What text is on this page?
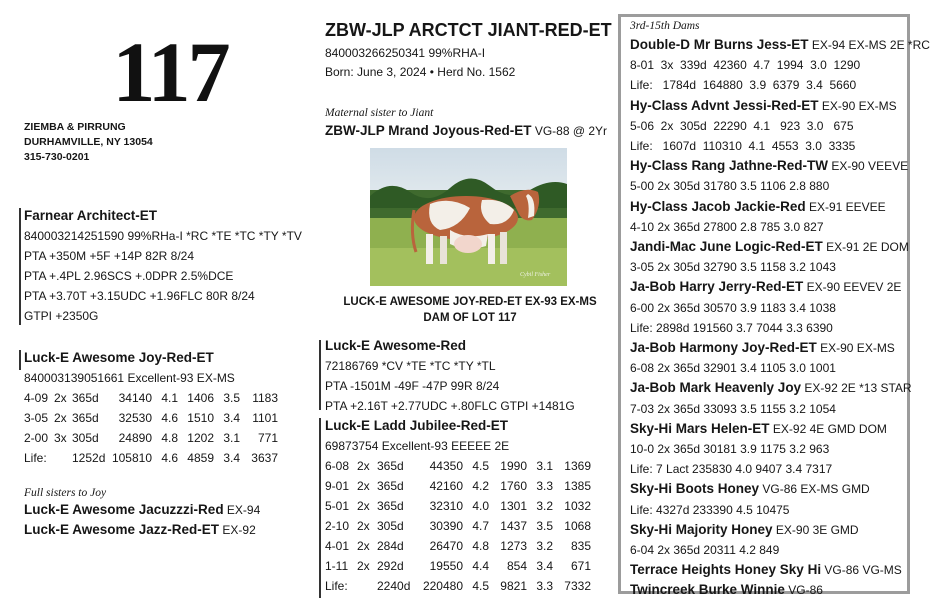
117
ZIEMBA & PIRRUNG
DURHAMVILLE, NY 13054
315-730-0201
Farnear Architect-ET
840003214251590 99%RHa-I *RC *TE *TC *TY *TV
PTA +350M +5F +14P 82R 8/24
PTA +.4PL 2.96SCS +.0DPR 2.5%DCE
PTA +3.70T +3.15UDC +1.96FLC 80R 8/24
GTPI +2350G
Luck-E Awesome Joy-Red-ET
840003139051661 Excellent-93 EX-MS
4-09 2x 365d	34140 4.1 1406 3.5	1183
3-05 2x 365d	32530 4.6 1510 3.4	1101
2-00 3x 305d	24890 4.8 1202 3.1	771
Life:	1252d 105810 4.6 4859 3.4 3637
Full sisters to Joy
Luck-E Awesome Jacuzzzi-Red EX-94
Luck-E Awesome Jazz-Red-ET EX-92
ZBW-JLP ARCTCT JIANT-RED-ET
840003266250341 99%RHA-I
Born: June 3, 2024 • Herd No. 1562
Maternal sister to Jiant
ZBW-JLP Mrand Joyous-Red-ET VG-88 @ 2Yr
Cybil Fisher
LUCK-E AWESOME JOY-RED-ET EX-93 EX-MS
DAM OF LOT 117
Luck-E Awesome-Red
72186769 *CV *TE *TC *TY *TL
PTA -1501M -49F -47P 99R 8/24
PTA +2.16T +2.77UDC +.80FLC GTPI +1481G
Luck-E Ladd Jubilee-Red-ET
69873754 Excellent-93 EEEEE 2E
6-08 2x 365d	44350 4.5 1990 3.1 1369
9-01 2x 365d	42160 4.2 1760 3.3 1385
5-01 2x 365d	32310 4.0 1301 3.2 1032
2-10 2x 305d	30390 4.7 1437 3.5 1068
4-01 2x 284d	26470 4.8 1273 3.2	835
1-11 2x 292d	19550 4.4	854 3.4	671
Life:	2240d	220480 4.5 9821 3.3 7332
3rd-15th Dams
Double-D Mr Burns Jess-ET EX-94 EX-MS 2E *RC
8-01  3x  339d  42360  4.7  1994  3.0  1290
Life:   1784d  164880  3.9  6379  3.4  5660
Hy-Class Advnt Jessi-Red-ET EX-90 EX-MS
5-06  2x  305d  22290  4.1   923  3.0   675
Life:   1607d  110310  4.1  4553  3.0  3335
Hy-Class Rang Jathne-Red-TW EX-90 VEEVE
5-00 2x 305d 31780 3.5 1106 2.8 880
Hy-Class Jacob Jackie-Red EX-91 EEVEE
4-10 2x 365d 27800 2.8 785 3.0 827
Jandi-Mac June Logic-Red-ET EX-91 2E DOM
3-05 2x 305d 32790 3.5 1158 3.2 1043
Ja-Bob Harry Jerry-Red-ET EX-90 EEVEV 2E
6-00 2x 365d 30570 3.9 1183 3.4 1038
Life: 2898d 191560 3.7 7044 3.3 6390
Ja-Bob Harmony Joy-Red-ET EX-90 EX-MS
6-08 2x 365d 32901 3.4 1105 3.0 1001
Ja-Bob Mark Heavenly Joy EX-92 2E *13 STAR
7-03 2x 365d 33093 3.5 1155 3.2 1054
Sky-Hi Mars Helen-ET EX-92 4E GMD DOM
10-0 2x 365d 30181 3.9 1175 3.2 963
Life: 7 Lact 235830 4.0 9407 3.4 7317
Sky-Hi Boots Honey VG-86 EX-MS GMD
Life: 4327d 233390 4.5 10475
Sky-Hi Majority Honey EX-90 3E GMD
6-04 2x 365d 20311 4.2 849
Terrace Heights Honey Sky Hi VG-86 VG-MS
Twincreek Burke Winnie VG-86
